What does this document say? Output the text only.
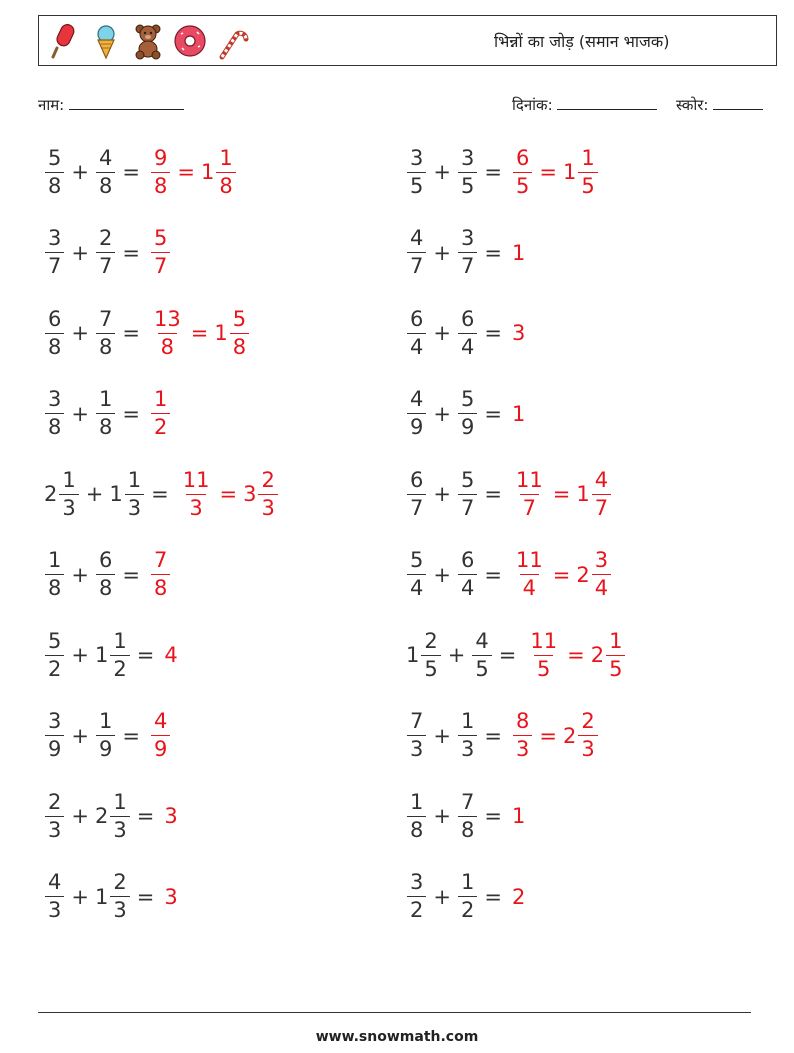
भिन्नों का जोड़ (समान भाजक)
नाम:	दिनांक:	स्कोर:
$\frac{5}{8} + \frac{4}{8} = \frac{9}{8} = 1 \frac{1}{8}$	$\frac{3}{5} + \frac{3}{5} = \frac{6}{5} = 1 \frac{1}{5}$
$\frac{3}{7} + \frac{2}{7} = \frac{5}{7}$	$\frac{4}{7} + \frac{3}{7} = 1$
$\frac{6}{8} + \frac{7}{8} = \frac{13}{8} = 1 \frac{5}{8}$	$\frac{6}{4} + \frac{6}{4} = 3$
$\frac{3}{8} + \frac{1}{8} = \frac{1}{2}$	$\frac{4}{9} + \frac{5}{9} = 1$
$2 \frac{1}{3} + 1 \frac{1}{3} = \frac{11}{3} = 3 \frac{2}{3}$	$\frac{6}{7} + \frac{5}{7} = \frac{11}{7} = 1 \frac{4}{7}$
$\frac{1}{8} + \frac{6}{8} = \frac{7}{8}$	$\frac{5}{4} + \frac{6}{4} = \frac{11}{4} = 2 \frac{3}{4}$
$\frac{5}{2} + 1 \frac{1}{2} = 4$	$1 \frac{2}{5} + \frac{4}{5} = \frac{11}{5} = 2 \frac{1}{5}$
$\frac{3}{9} + \frac{1}{9} = \frac{4}{9}$	$\frac{7}{3} + \frac{1}{3} = \frac{8}{3} = 2 \frac{2}{3}$
$\frac{2}{3} + 2 \frac{1}{3} = 3$	$\frac{1}{8} + \frac{7}{8} = 1$
$\frac{4}{3} + 1 \frac{2}{3} = 3$	$\frac{3}{2} + \frac{1}{2} = 2$
www.snowmath.com
